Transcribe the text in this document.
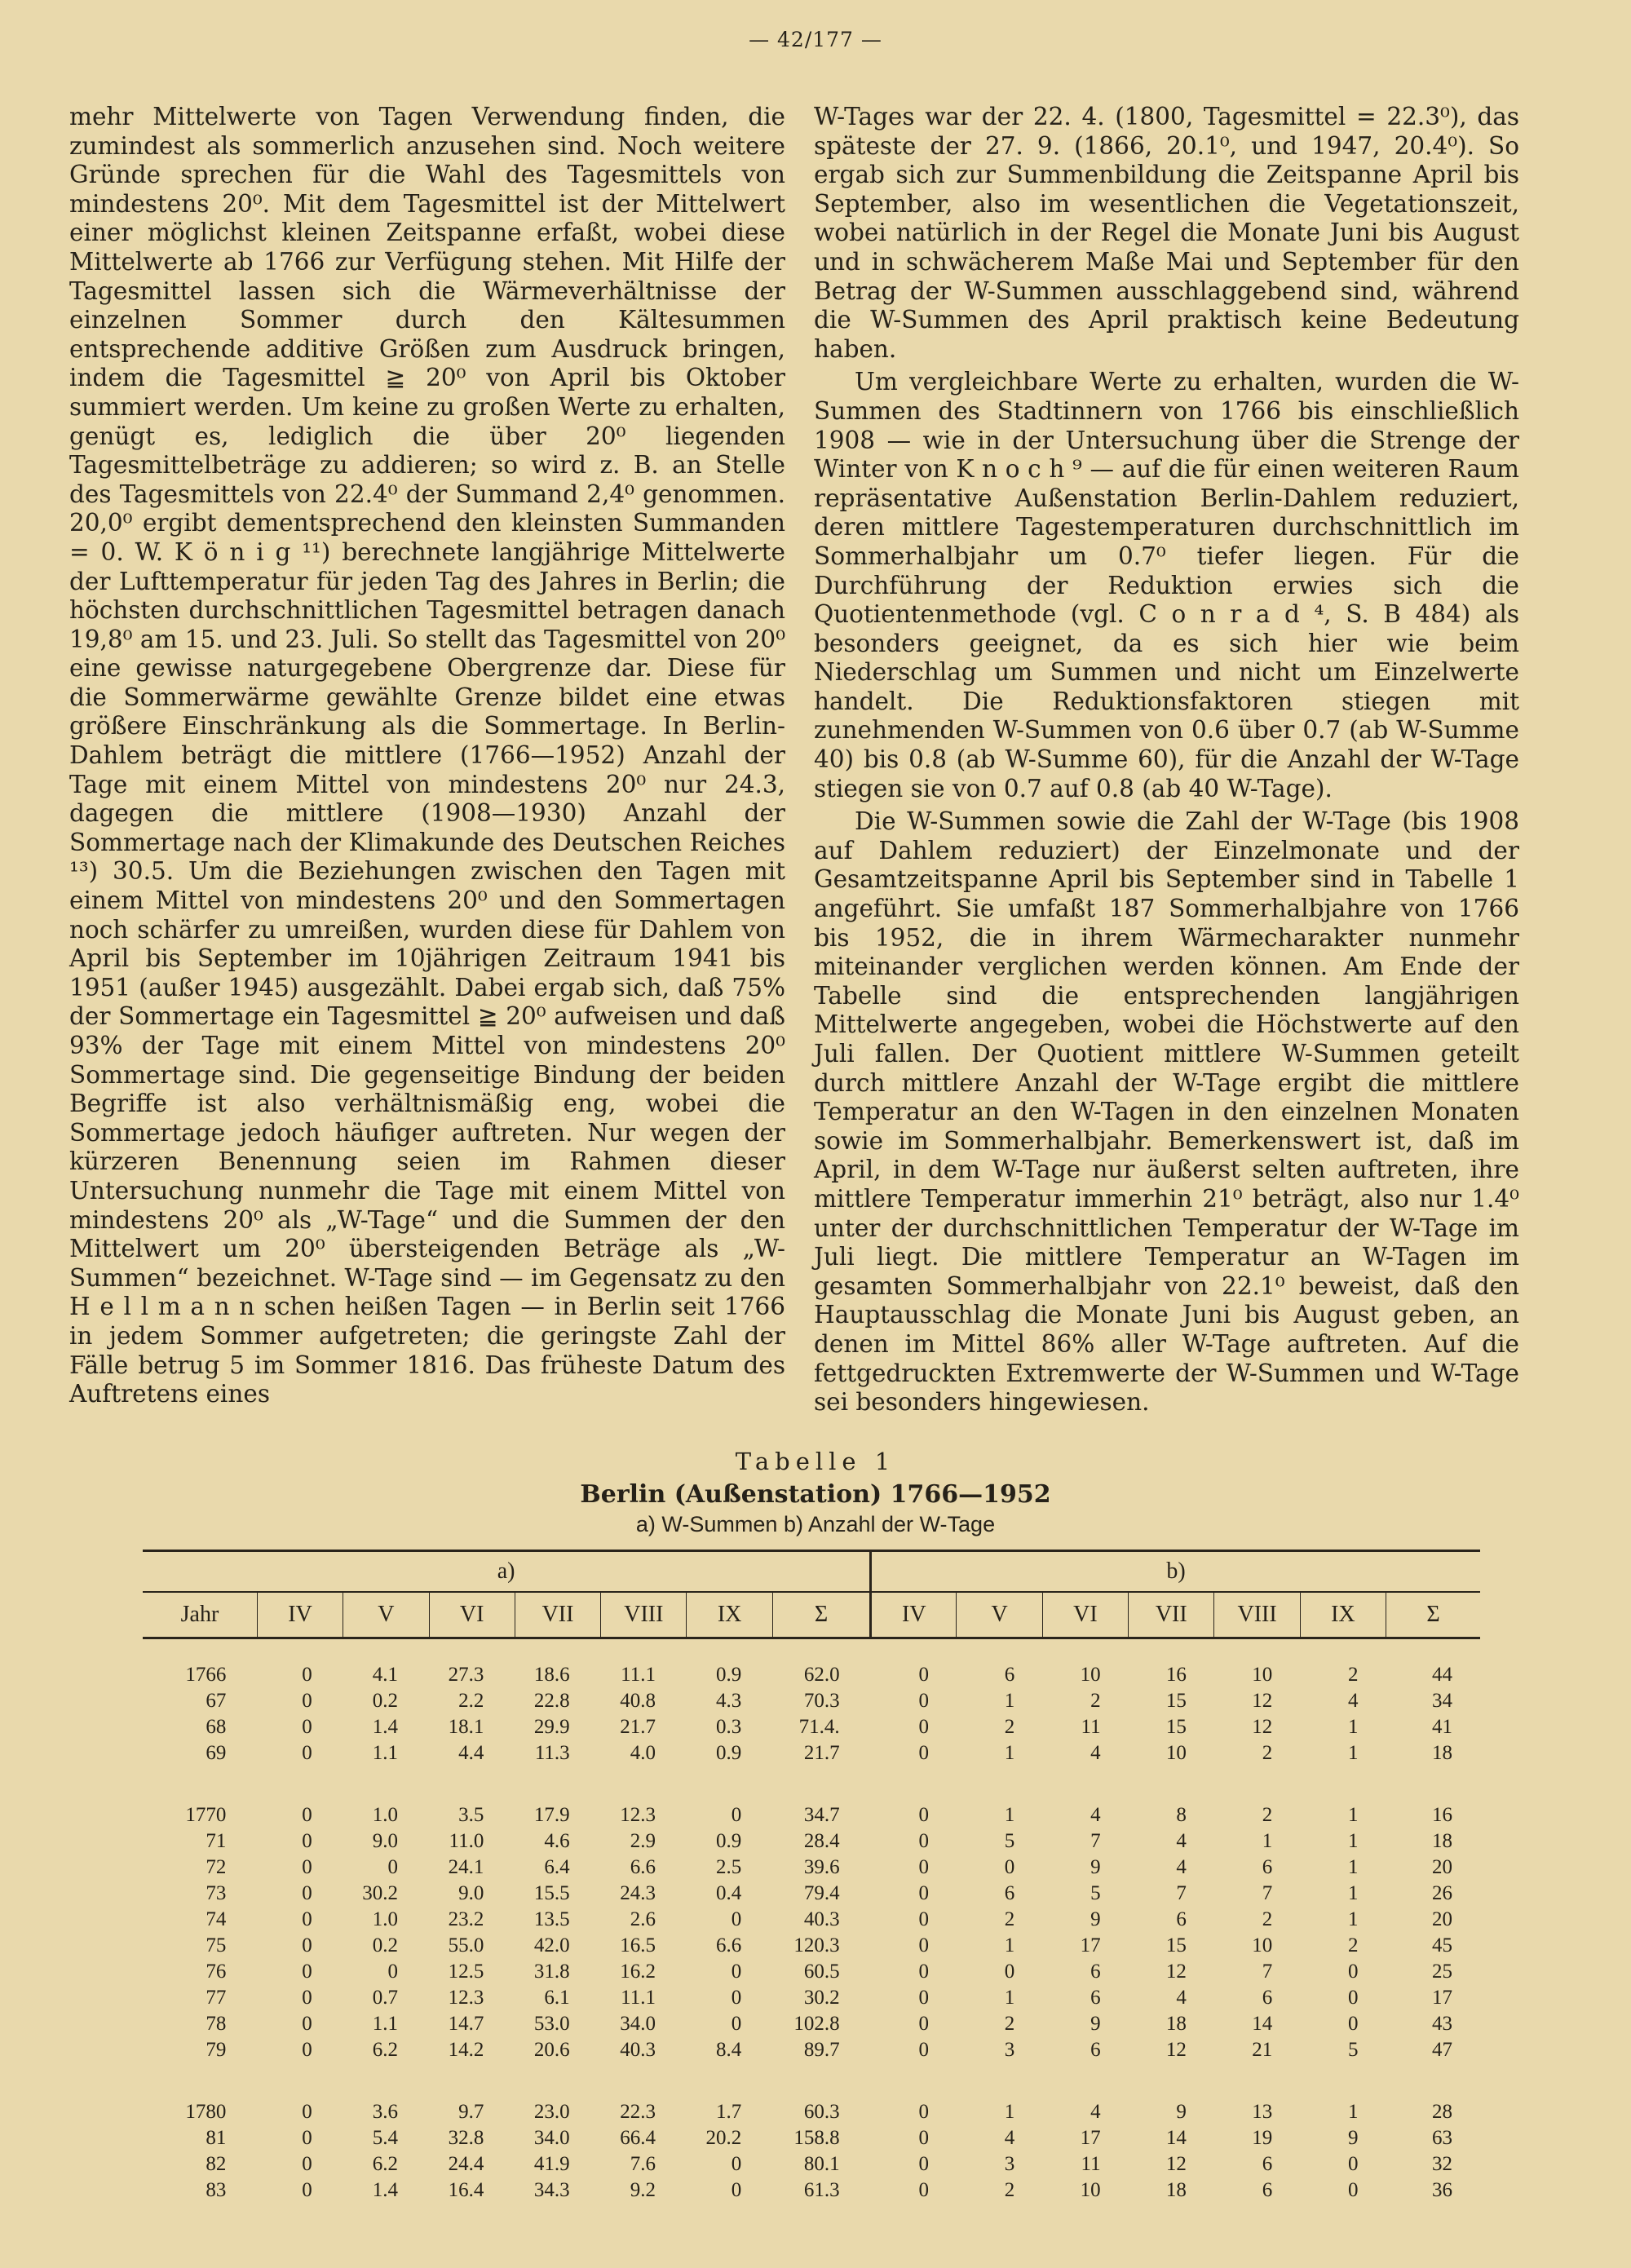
— 42/177 —

mehr Mittelwerte von Tagen Verwendung finden, die zumindest als sommerlich anzusehen sind. Noch weitere Gründe sprechen für die Wahl des Tagesmittels von mindestens 20⁰. Mit dem Tagesmittel ist der Mittelwert einer möglichst kleinen Zeitspanne erfaßt, wobei diese Mittelwerte ab 1766 zur Verfügung stehen. Mit Hilfe der Tagesmittel lassen sich die Wärmeverhältnisse der einzelnen Sommer durch den Kältesummen entsprechende additive Größen zum Ausdruck bringen, indem die Tagesmittel ≧ 20⁰ von April bis Oktober summiert werden. Um keine zu großen Werte zu erhalten, genügt es, lediglich die über 20⁰ liegenden Tagesmittelbeträge zu addieren; so wird z. B. an Stelle des Tagesmittels von 22.4⁰ der Summand 2,4⁰ genommen. 20,0⁰ ergibt dementsprechend den kleinsten Summanden = 0. W. K ö n i g ¹¹) berechnete langjährige Mittelwerte der Lufttemperatur für jeden Tag des Jahres in Berlin; die höchsten durchschnittlichen Tagesmittel betragen danach 19,8⁰ am 15. und 23. Juli. So stellt das Tagesmittel von 20⁰ eine gewisse naturgegebene Obergrenze dar. Diese für die Sommerwärme gewählte Grenze bildet eine etwas größere Einschränkung als die Sommertage. In Berlin-Dahlem beträgt die mittlere (1766—1952) Anzahl der Tage mit einem Mittel von mindestens 20⁰ nur 24.3, dagegen die mittlere (1908—1930) Anzahl der Sommertage nach der Klimakunde des Deutschen Reiches ¹³) 30.5. Um die Beziehungen zwischen den Tagen mit einem Mittel von mindestens 20⁰ und den Sommertagen noch schärfer zu umreißen, wurden diese für Dahlem von April bis September im 10jährigen Zeitraum 1941 bis 1951 (außer 1945) ausgezählt. Dabei ergab sich, daß 75% der Sommertage ein Tagesmittel ≧ 20⁰ aufweisen und daß 93% der Tage mit einem Mittel von mindestens 20⁰ Sommertage sind. Die gegenseitige Bindung der beiden Begriffe ist also verhältnismäßig eng, wobei die Sommertage jedoch häufiger auftreten. Nur wegen der kürzeren Benennung seien im Rahmen dieser Untersuchung nunmehr die Tage mit einem Mittel von mindestens 20⁰ als „W-Tage“ und die Summen der den Mittelwert um 20⁰ übersteigenden Beträge als „W-Summen“ bezeichnet. W-Tage sind — im Gegensatz zu den H e l l m a n n schen heißen Tagen — in Berlin seit 1766 in jedem Sommer aufgetreten; die geringste Zahl der Fälle betrug 5 im Sommer 1816. Das früheste Datum des Auftretens eines

W-Tages war der 22. 4. (1800, Tagesmittel = 22.3⁰), das späteste der 27. 9. (1866, 20.1⁰, und 1947, 20.4⁰). So ergab sich zur Summenbildung die Zeitspanne April bis September, also im wesentlichen die Vegetationszeit, wobei natürlich in der Regel die Monate Juni bis August und in schwächerem Maße Mai und September für den Betrag der W-Summen ausschlaggebend sind, während die W-Summen des April praktisch keine Bedeutung haben.

Um vergleichbare Werte zu erhalten, wurden die W-Summen des Stadtinnern von 1766 bis einschließlich 1908 — wie in der Untersuchung über die Strenge der Winter von K n o c h ⁹ — auf die für einen weiteren Raum repräsentative Außenstation Berlin-Dahlem reduziert, deren mittlere Tagestemperaturen durchschnittlich im Sommerhalbjahr um 0.7⁰ tiefer liegen. Für die Durchführung der Reduktion erwies sich die Quotientenmethode (vgl. C o n r a d ⁴, S. B 484) als besonders geeignet, da es sich hier wie beim Niederschlag um Summen und nicht um Einzelwerte handelt. Die Reduktionsfaktoren stiegen mit zunehmenden W-Summen von 0.6 über 0.7 (ab W-Summe 40) bis 0.8 (ab W-Summe 60), für die Anzahl der W-Tage stiegen sie von 0.7 auf 0.8 (ab 40 W-Tage).

Die W-Summen sowie die Zahl der W-Tage (bis 1908 auf Dahlem reduziert) der Einzelmonate und der Gesamtzeitspanne April bis September sind in Tabelle 1 angeführt. Sie umfaßt 187 Sommerhalbjahre von 1766 bis 1952, die in ihrem Wärmecharakter nunmehr miteinander verglichen werden können. Am Ende der Tabelle sind die entsprechenden langjährigen Mittelwerte angegeben, wobei die Höchstwerte auf den Juli fallen. Der Quotient mittlere W-Summen geteilt durch mittlere Anzahl der W-Tage ergibt die mittlere Temperatur an den W-Tagen in den einzelnen Monaten sowie im Sommerhalbjahr. Bemerkenswert ist, daß im April, in dem W-Tage nur äußerst selten auftreten, ihre mittlere Temperatur immerhin 21⁰ beträgt, also nur 1.4⁰ unter der durchschnittlichen Temperatur der W-Tage im Juli liegt. Die mittlere Temperatur an W-Tagen im gesamten Sommerhalbjahr von 22.1⁰ beweist, daß den Hauptausschlag die Monate Juni bis August geben, an denen im Mittel 86% aller W-Tage auftreten. Auf die fettgedruckten Extremwerte der W-Summen und W-Tage sei besonders hingewiesen.

Tabelle 1
Berlin (Außenstation) 1766—1952
a) W-Summen b) Anzahl der W-Tage
a)								b)						
Jahr	IV	V	VI	VII	VIII	IX	Σ	IV	V	VI	VII	VIII	IX	Σ

1766	0	4.1	27.3	18.6	11.1	0.9	62.0	0	6	10	16	10	2	44
67	0	0.2	2.2	22.8	40.8	4.3	70.3	0	1	2	15	12	4	34
68	0	1.4	18.1	29.9	21.7	0.3	71.4.	0	2	11	15	12	1	41
69	0	1.1	4.4	11.3	4.0	0.9	21.7	0	1	4	10	2	1	18

1770	0	1.0	3.5	17.9	12.3	0	34.7	0	1	4	8	2	1	16
71	0	9.0	11.0	4.6	2.9	0.9	28.4	0	5	7	4	1	1	18
72	0	0	24.1	6.4	6.6	2.5	39.6	0	0	9	4	6	1	20
73	0	30.2	9.0	15.5	24.3	0.4	79.4	0	6	5	7	7	1	26
74	0	1.0	23.2	13.5	2.6	0	40.3	0	2	9	6	2	1	20
75	0	0.2	55.0	42.0	16.5	6.6	120.3	0	1	17	15	10	2	45
76	0	0	12.5	31.8	16.2	0	60.5	0	0	6	12	7	0	25
77	0	0.7	12.3	6.1	11.1	0	30.2	0	1	6	4	6	0	17
78	0	1.1	14.7	53.0	34.0	0	102.8	0	2	9	18	14	0	43
79	0	6.2	14.2	20.6	40.3	8.4	89.7	0	3	6	12	21	5	47

1780	0	3.6	9.7	23.0	22.3	1.7	60.3	0	1	4	9	13	1	28
81	0	5.4	32.8	34.0	66.4	20.2	158.8	0	4	17	14	19	9	63
82	0	6.2	24.4	41.9	7.6	0	80.1	0	3	11	12	6	0	32
83	0	1.4	16.4	34.3	9.2	0	61.3	0	2	10	18	6	0	36
